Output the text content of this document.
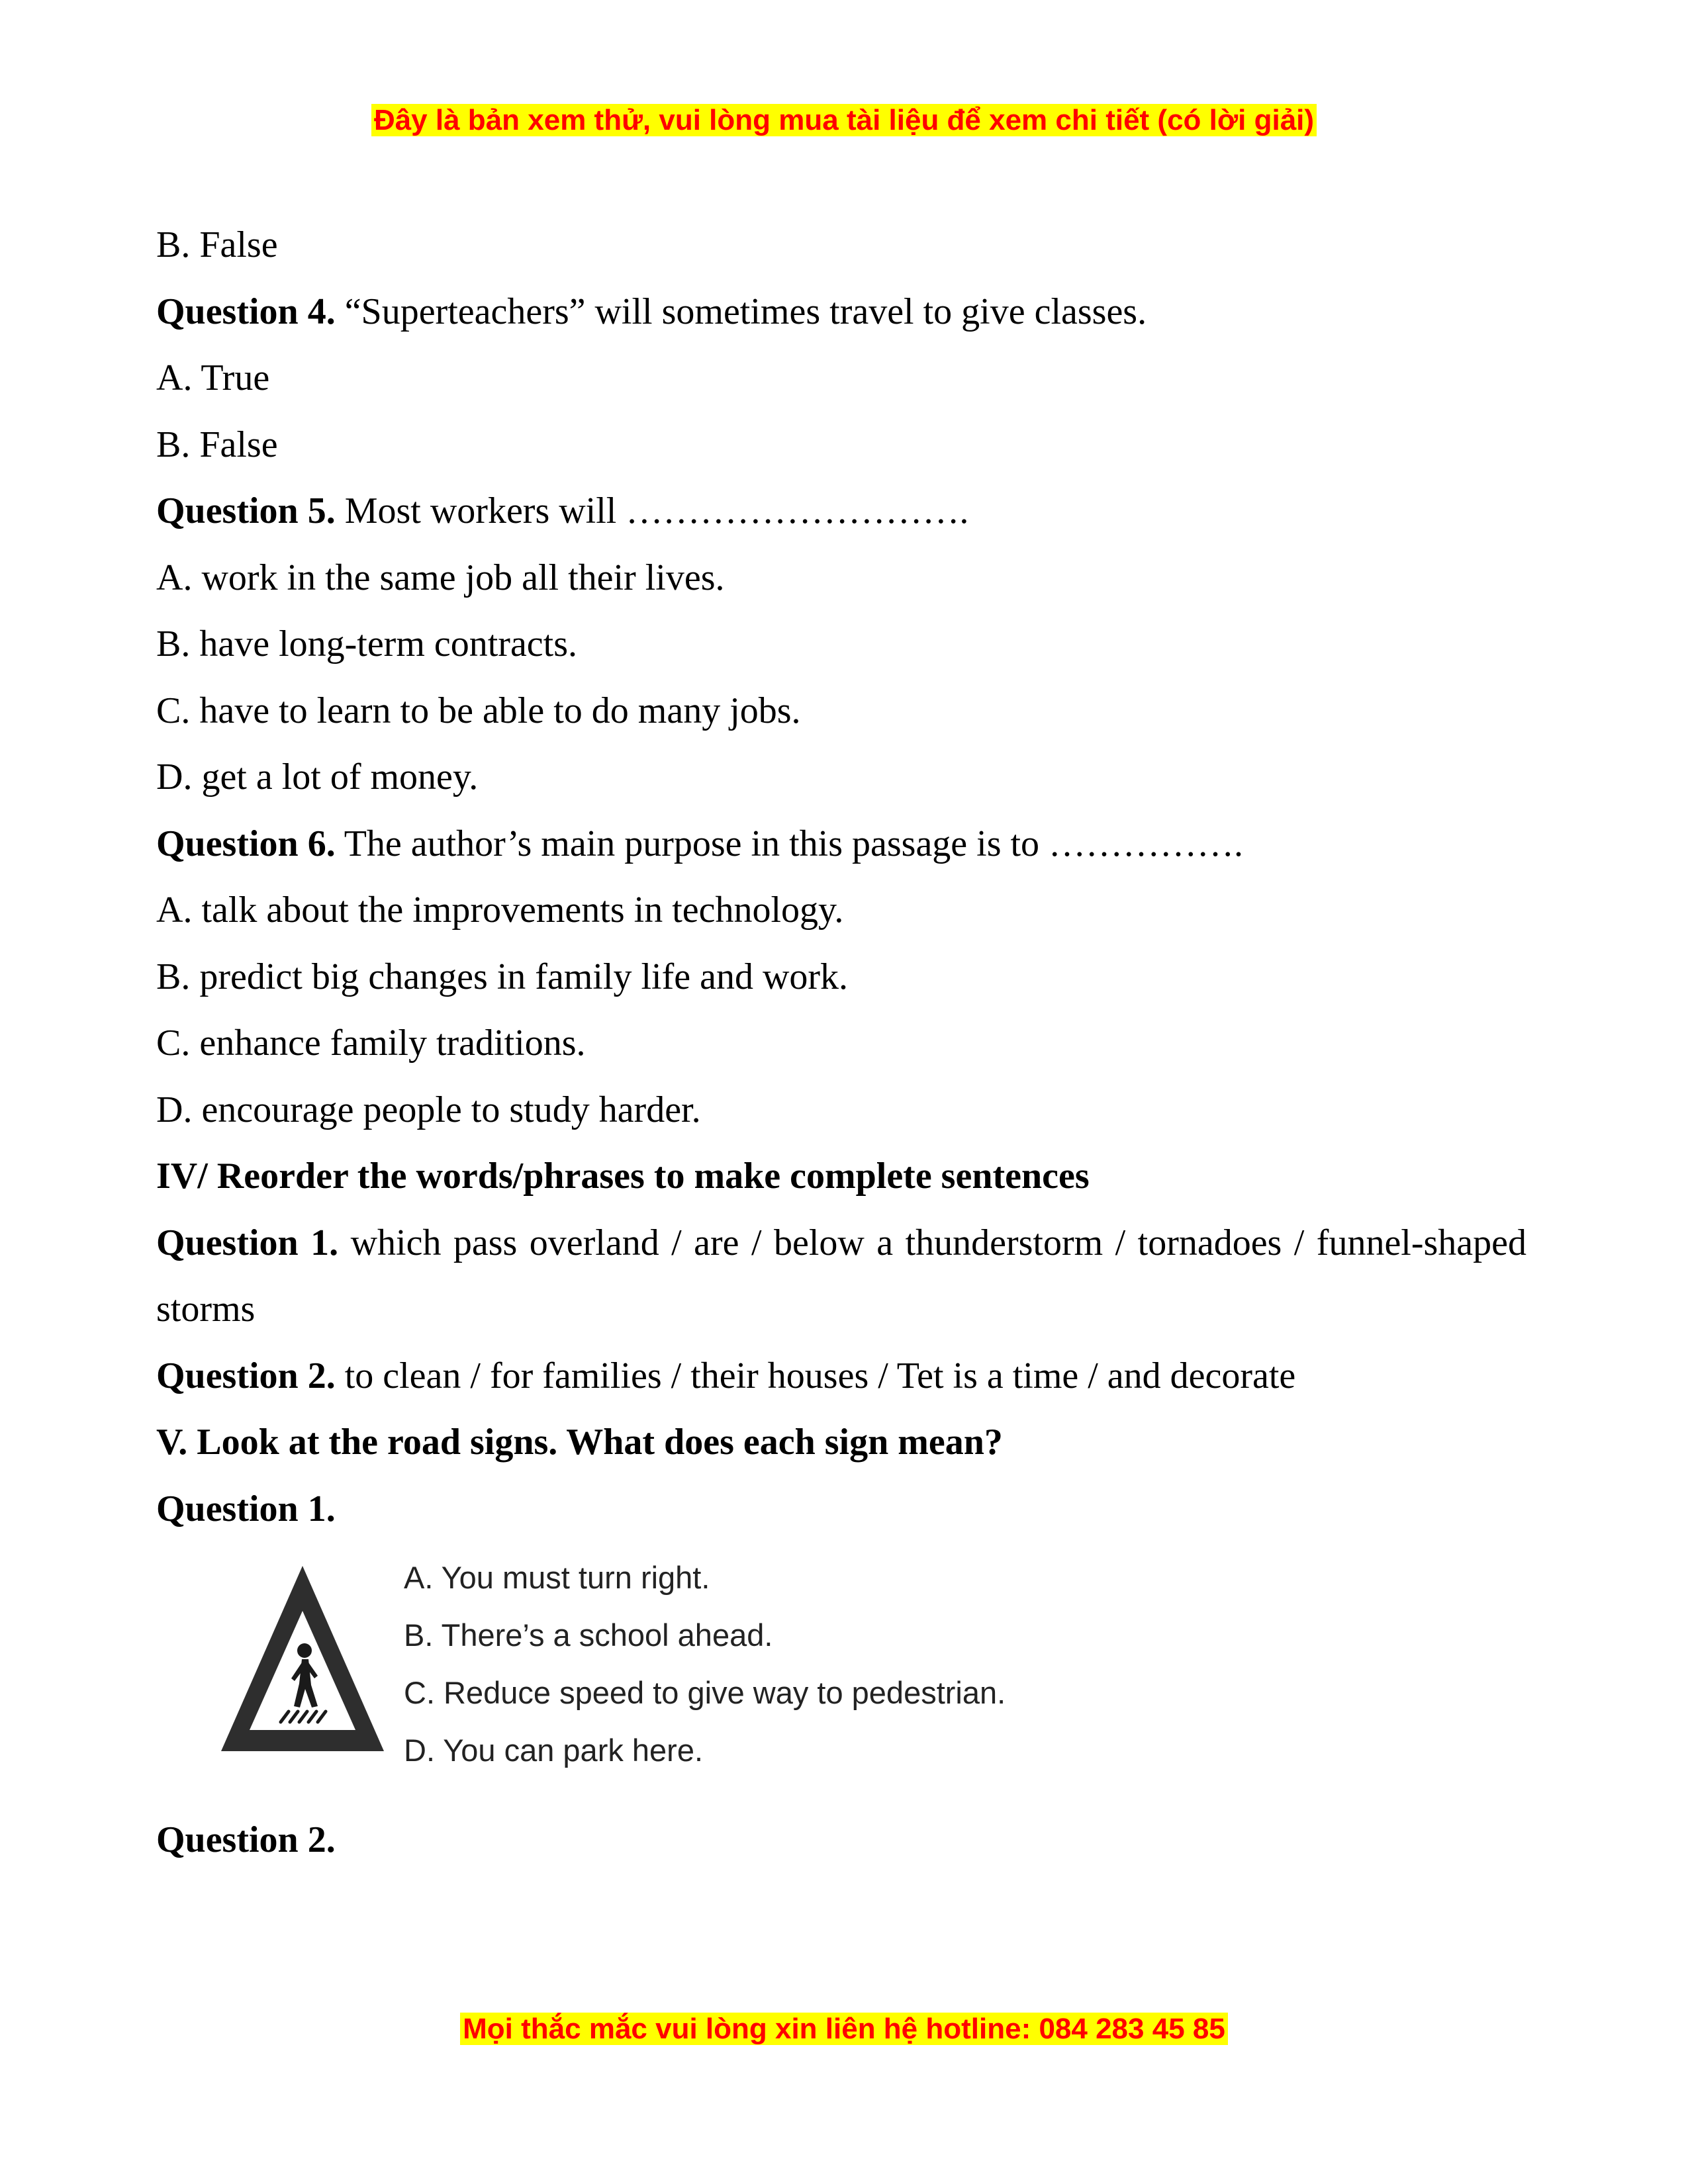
Đây là bản xem thử, vui lòng mua tài liệu để xem chi tiết (có lời giải)
B. False
Question 4. “Superteachers” will sometimes travel to give classes.
A. True
B. False
Question 5. Most workers will ……………………….
A. work in the same job all their lives.
B. have long-term contracts.
C. have to learn to be able to do many jobs.
D. get a lot of money.
Question 6. The author’s main purpose in this passage is to …………….
A. talk about the improvements in technology.
B. predict big changes in family life and work.
C. enhance family traditions.
D. encourage people to study harder.
IV/ Reorder the words/phrases to make complete sentences
Question 1. which pass overland / are / below a thunderstorm / tornadoes / funnel-shaped storms
Question 2. to clean / for families / their houses / Tet is a time / and decorate
V. Look at the road signs. What does each sign mean?
Question 1.
A. You must turn right.
B. There’s a school ahead.
C. Reduce speed to give way to pedestrian.
D. You can park here.
Question 2.
Mọi thắc mắc vui lòng xin liên hệ hotline: 084 283 45 85
